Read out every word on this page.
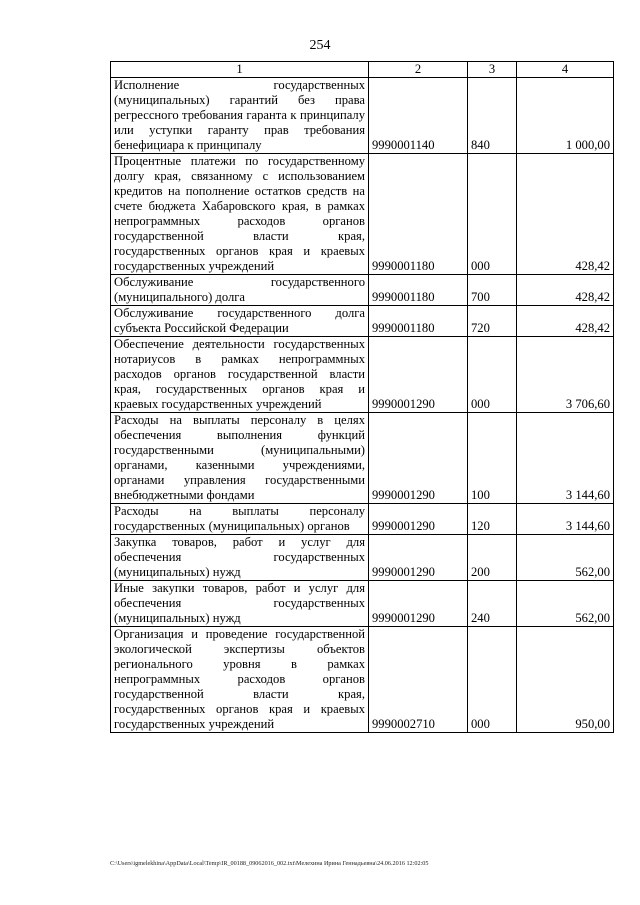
254
1	2	3	4
Исполнение государственных (муниципальных) гарантий без права регрессного требования гаранта к принципалу или уступки гаранту прав требования бенефициара к принципалу	9990001140	840	1 000,00
Процентные платежи по государственному долгу края, связанному с использованием кредитов на пополнение остатков средств на счете бюджета Хабаровского края, в рамках непрограммных расходов органов государственной власти края, государственных органов края и краевых государственных учреждений	9990001180	000	428,42
Обслуживание государственного (муниципального) долга	9990001180	700	428,42
Обслуживание государственного долга субъекта Российской Федерации	9990001180	720	428,42
Обеспечение деятельности государственных нотариусов в рамках непрограммных расходов органов государственной власти края, государственных органов края и краевых государственных учреждений	9990001290	000	3 706,60
Расходы на выплаты персоналу в целях обеспечения выполнения функций государственными (муниципальными) органами, казенными учреждениями, органами управления государственными внебюджетными фондами	9990001290	100	3 144,60
Расходы на выплаты персоналу государственных (муниципальных) органов	9990001290	120	3 144,60
Закупка товаров, работ и услуг для обеспечения государственных (муниципальных) нужд	9990001290	200	562,00
Иные закупки товаров, работ и услуг для обеспечения государственных (муниципальных) нужд	9990001290	240	562,00
Организация и проведение государственной экологической экспертизы объектов регионального уровня в рамках непрограммных расходов органов государственной власти края, государственных органов края и краевых государственных учреждений	9990002710	000	950,00
C:\Users\igmelekhina\AppData\Local\Temp\IR_00188_09062016_002.txt\Мелехина Ирина Геннадьевна\24.06.2016 12:02:05
